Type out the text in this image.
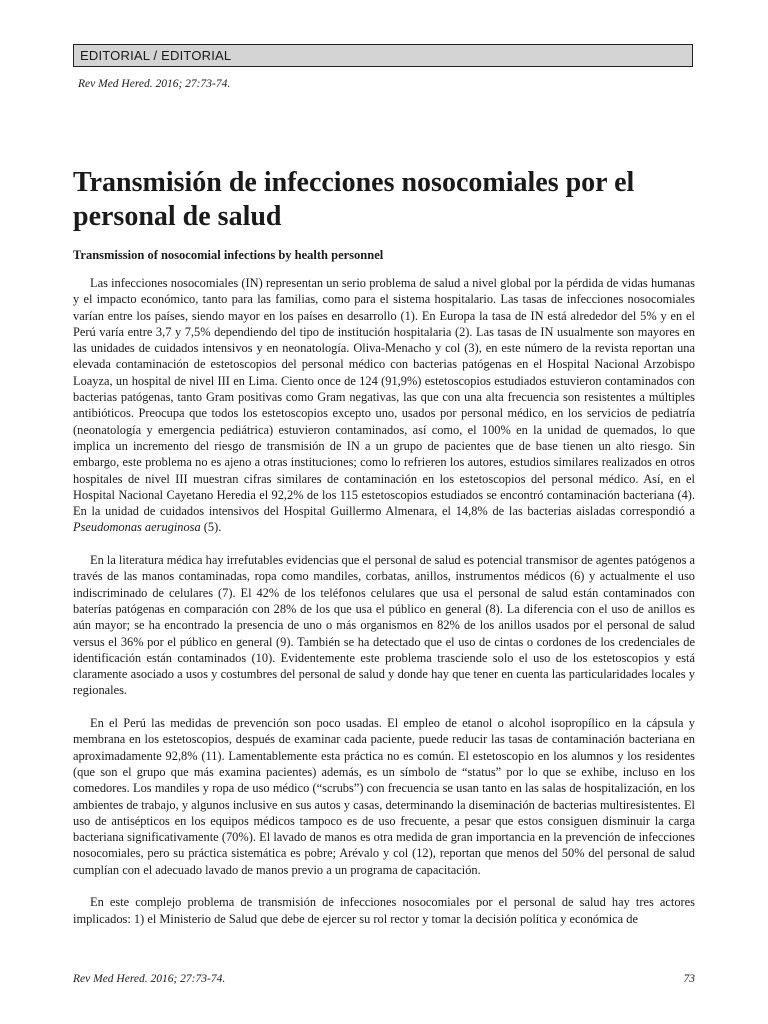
EDITORIAL / EDITORIAL
Rev Med Hered. 2016; 27:73-74.
Transmisión de infecciones nosocomiales por el personal de salud
Transmission of nosocomial infections by health personnel

Las infecciones nosocomiales (IN) representan un serio problema de salud a nivel global por la pérdida de vidas humanas y el impacto económico, tanto para las familias, como para el sistema hospitalario. Las tasas de infecciones nosocomiales varían entre los países, siendo mayor en los países en desarrollo (1). En Europa la tasa de IN está alrededor del 5% y en el Perú varía entre 3,7 y 7,5% dependiendo del tipo de institución hospitalaria (2). Las tasas de IN usualmente son mayores en las unidades de cuidados intensivos y en neonatología. Oliva-Menacho y col (3), en este número de la revista reportan una elevada contaminación de estetoscopios del personal médico con bacterias patógenas en el Hospital Nacional Arzobispo Loayza, un hospital de nivel III en Lima. Ciento once de 124 (91,9%) estetoscopios estudiados estuvieron contaminados con bacterias patógenas, tanto Gram positivas como Gram negativas, las que con una alta frecuencia son resistentes a múltiples antibióticos. Preocupa que todos los estetoscopios excepto uno, usados por personal médico, en los servicios de pediatría (neonatología y emergencia pediátrica) estuvieron contaminados, así como, el 100% en la unidad de quemados, lo que implica un incremento del riesgo de transmisión de IN a un grupo de pacientes que de base tienen un alto riesgo. Sin embargo, este problema no es ajeno a otras instituciones; como lo refrieren los autores, estudios similares realizados en otros hospitales de nivel III muestran cifras similares de contaminación en los estetoscopios del personal médico. Así, en el Hospital Nacional Cayetano Heredia el 92,2% de los 115 estetoscopios estudiados se encontró contaminación bacteriana (4). En la unidad de cuidados intensivos del Hospital Guillermo Almenara, el 14,8% de las bacterias aisladas correspondió a Pseudomonas aeruginosa (5).

En la literatura médica hay irrefutables evidencias que el personal de salud es potencial transmisor de agentes patógenos a través de las manos contaminadas, ropa como mandiles, corbatas, anillos, instrumentos médicos (6) y actualmente el uso indiscriminado de celulares (7). El 42% de los teléfonos celulares que usa el personal de salud están contaminados con baterías patógenas en comparación con 28% de los que usa el público en general (8). La diferencia con el uso de anillos es aún mayor; se ha encontrado la presencia de uno o más organismos en 82% de los anillos usados por el personal de salud versus el 36% por el público en general (9). También se ha detectado que el uso de cintas o cordones de los credenciales de identificación están contaminados (10). Evidentemente este problema trasciende solo el uso de los estetoscopios y está claramente asociado a usos y costumbres del personal de salud y donde hay que tener en cuenta las particularidades locales y regionales.

En el Perú las medidas de prevención son poco usadas. El empleo de etanol o alcohol isopropílico en la cápsula y membrana en los estetoscopios, después de examinar cada paciente, puede reducir las tasas de contaminación bacteriana en aproximadamente 92,8% (11). Lamentablemente esta práctica no es común. El estetoscopio en los alumnos y los residentes (que son el grupo que más examina pacientes) además, es un símbolo de “status” por lo que se exhibe, incluso en los comedores. Los mandiles y ropa de uso médico (“scrubs”) con frecuencia se usan tanto en las salas de hospitalización, en los ambientes de trabajo, y algunos inclusive en sus autos y casas, determinando la diseminación de bacterias multiresistentes. El uso de antisépticos en los equipos médicos tampoco es de uso frecuente, a pesar que estos consiguen disminuir la carga bacteriana significativamente (70%). El lavado de manos es otra medida de gran importancia en la prevención de infecciones nosocomiales, pero su práctica sistemática es pobre; Arévalo y col (12), reportan que menos del 50% del personal de salud cumplían con el adecuado lavado de manos previo a un programa de capacitación.

En este complejo problema de transmisión de infecciones nosocomiales por el personal de salud hay tres actores implicados: 1) el Ministerio de Salud que debe de ejercer su rol rector y tomar la decisión política y económica de

Rev Med Hered. 2016; 27:73-74.	73
